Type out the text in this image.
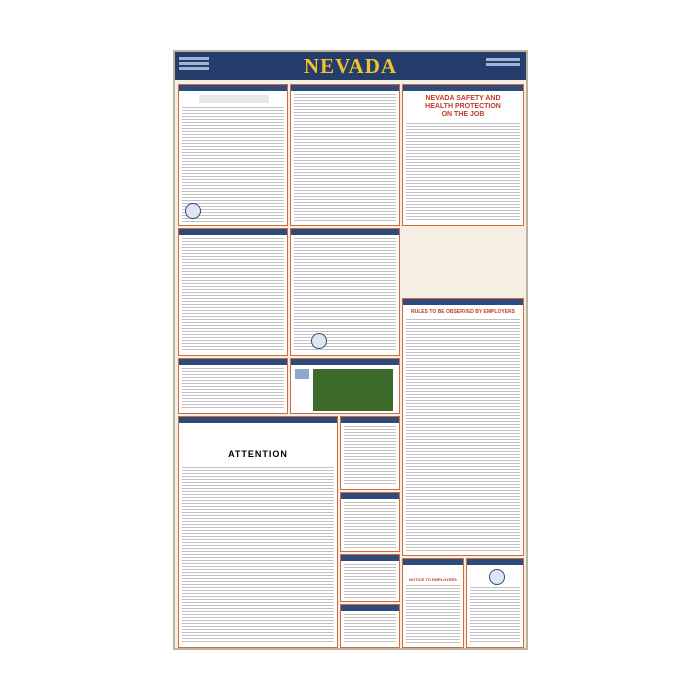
NEVADA
NEVADA SAFETY AND
HEALTH PROTECTION
ON THE JOB
RULES TO BE OBSERVED BY EMPLOYERS
ATTENTION
NOTICE TO EMPLOYEES
